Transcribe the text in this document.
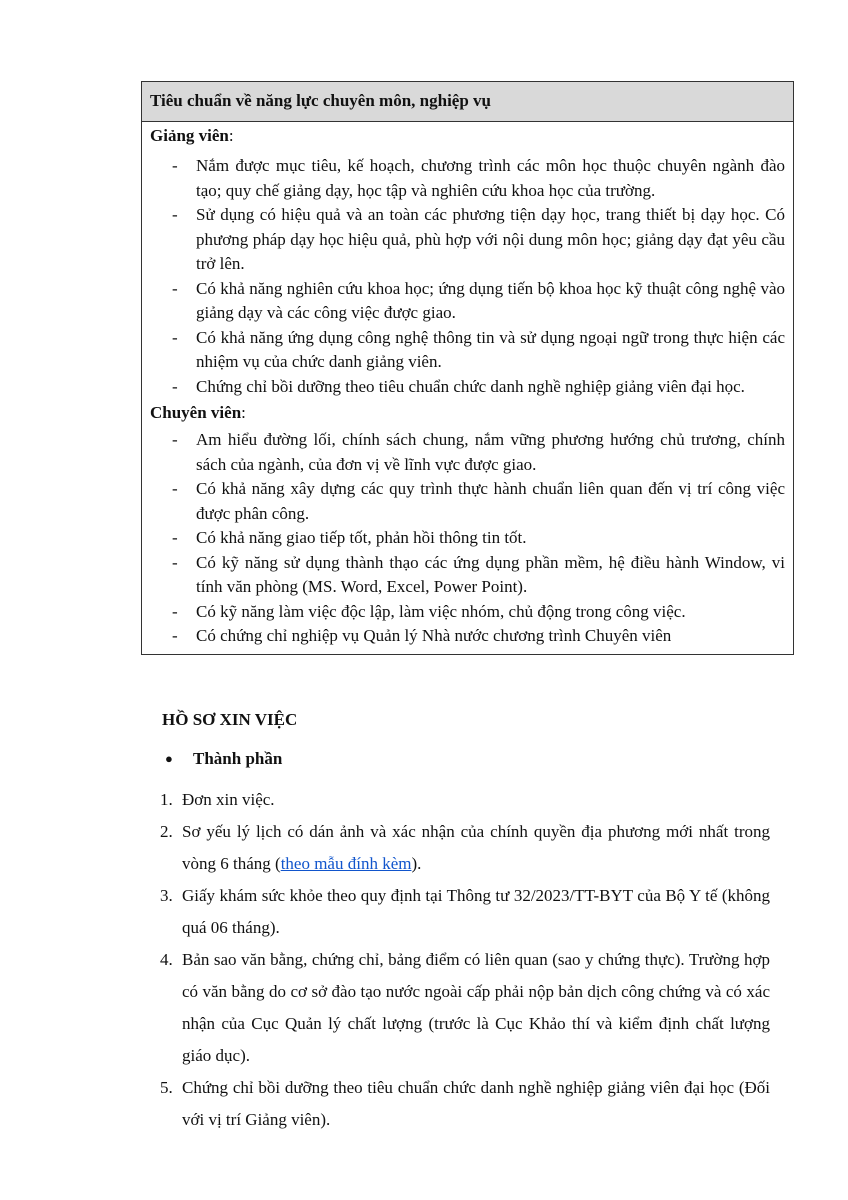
Tiêu chuẩn về năng lực chuyên môn, nghiệp vụ
Giảng viên:
- Nắm được mục tiêu, kế hoạch, chương trình các môn học thuộc chuyên ngành đào tạo; quy chế giảng dạy, học tập và nghiên cứu khoa học của trường.
- Sử dụng có hiệu quả và an toàn các phương tiện dạy học, trang thiết bị dạy học. Có phương pháp dạy học hiệu quả, phù hợp với nội dung môn học; giảng dạy đạt yêu cầu trở lên.
- Có khả năng nghiên cứu khoa học; ứng dụng tiến bộ khoa học kỹ thuật công nghệ vào giảng dạy và các công việc được giao.
- Có khả năng ứng dụng công nghệ thông tin và sử dụng ngoại ngữ trong thực hiện các nhiệm vụ của chức danh giảng viên.
- Chứng chỉ bồi dưỡng theo tiêu chuẩn chức danh nghề nghiệp giảng viên đại học.
Chuyên viên:
- Am hiểu đường lối, chính sách chung, nắm vững phương hướng chủ trương, chính sách của ngành, của đơn vị về lĩnh vực được giao.
- Có khả năng xây dựng các quy trình thực hành chuẩn liên quan đến vị trí công việc được phân công.
- Có khả năng giao tiếp tốt, phản hồi thông tin tốt.
- Có kỹ năng sử dụng thành thạo các ứng dụng phần mềm, hệ điều hành Window, vi tính văn phòng (MS. Word, Excel, Power Point).
- Có kỹ năng làm việc độc lập, làm việc nhóm, chủ động trong công việc.
- Có chứng chỉ nghiệp vụ Quản lý Nhà nước chương trình Chuyên viên
HỒ SƠ XIN VIỆC
● Thành phần
1. Đơn xin việc.
2. Sơ yếu lý lịch có dán ảnh và xác nhận của chính quyền địa phương mới nhất trong vòng 6 tháng (theo mẫu đính kèm).
3. Giấy khám sức khỏe theo quy định tại Thông tư 32/2023/TT-BYT của Bộ Y tế (không quá 06 tháng).
4. Bản sao văn bằng, chứng chỉ, bảng điểm có liên quan (sao y chứng thực). Trường hợp có văn bằng do cơ sở đào tạo nước ngoài cấp phải nộp bản dịch công chứng và có xác nhận của Cục Quản lý chất lượng (trước là Cục Khảo thí và kiểm định chất lượng giáo dục).
5. Chứng chỉ bồi dưỡng theo tiêu chuẩn chức danh nghề nghiệp giảng viên đại học (Đối với vị trí Giảng viên).
